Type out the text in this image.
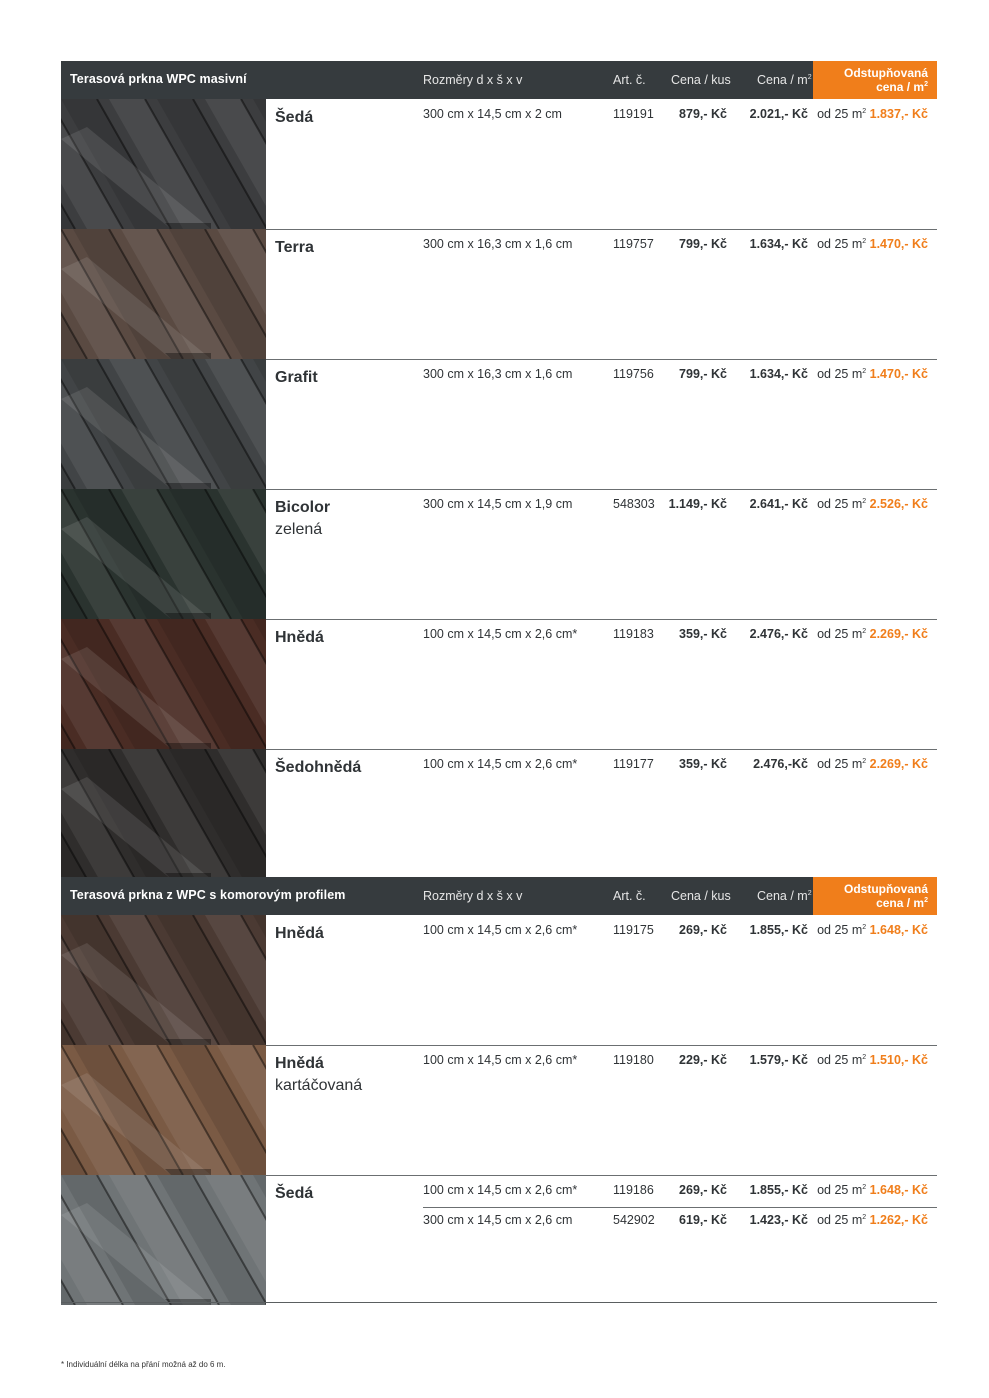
Terasová prkna WPC masivní	Rozměry d x š x v	Art. č. Cena / kus Cena / $m^2$	Odstupňovaná
cena / $m^2$
Šedá	300 cm x 14,5 cm x 2 cm	119191	879,- Kč	2.021,- Kč od 25 $m^2$ 1.837,- Kč
Terra	300 cm x 16,3 cm x 1,6 cm	119757	799,- Kč	1.634,- Kč od 25 $m^2$ 1.470,- Kč
Grafit	300 cm x 16,3 cm x 1,6 cm	119756	799,- Kč	1.634,- Kč od 25 $m^2$ 1.470,- Kč
Bicolor
zelená
300 cm x 14,5 cm x 1,9 cm	548303	1.149,- Kč	2.641,- Kč od 25 $m^2$ 2.526,- Kč
Hnědá	100 cm x 14,5 cm x 2,6 cm*	119183	359,- Kč	2.476,- Kč od 25 $m^2$ 2.269,- Kč
Šedohnědá	100 cm x 14,5 cm x 2,6 cm*	119177	359,- Kč	2.476,-Kč od 25 $m^2$ 2.269,- Kč
Terasová prkna z WPC s komorovým profilem	Rozměry d x š x v	Art. č. Cena / kus Cena / $m^2$	Odstupňovaná
cena / $m^2$
Hnědá	100 cm x 14,5 cm x 2,6 cm*	119175	269,- Kč	1.855,- Kč od 25 $m^2$ 1.648,- Kč
Hnědá
kartáčovaná
100 cm x 14,5 cm x 2,6 cm*	119180	229,- Kč	1.579,- Kč od 25 $m^2$ 1.510,- Kč
Šedá	100 cm x 14,5 cm x 2,6 cm*	119186	269,- Kč	1.855,- Kč od 25 $m^2$ 1.648,- Kč
300 cm x 14,5 cm x 2,6 cm	542902	619,- Kč	1.423,- Kč od 25 $m^2$ 1.262,- Kč
* Individuální délka na přání možná až do 6 m.
